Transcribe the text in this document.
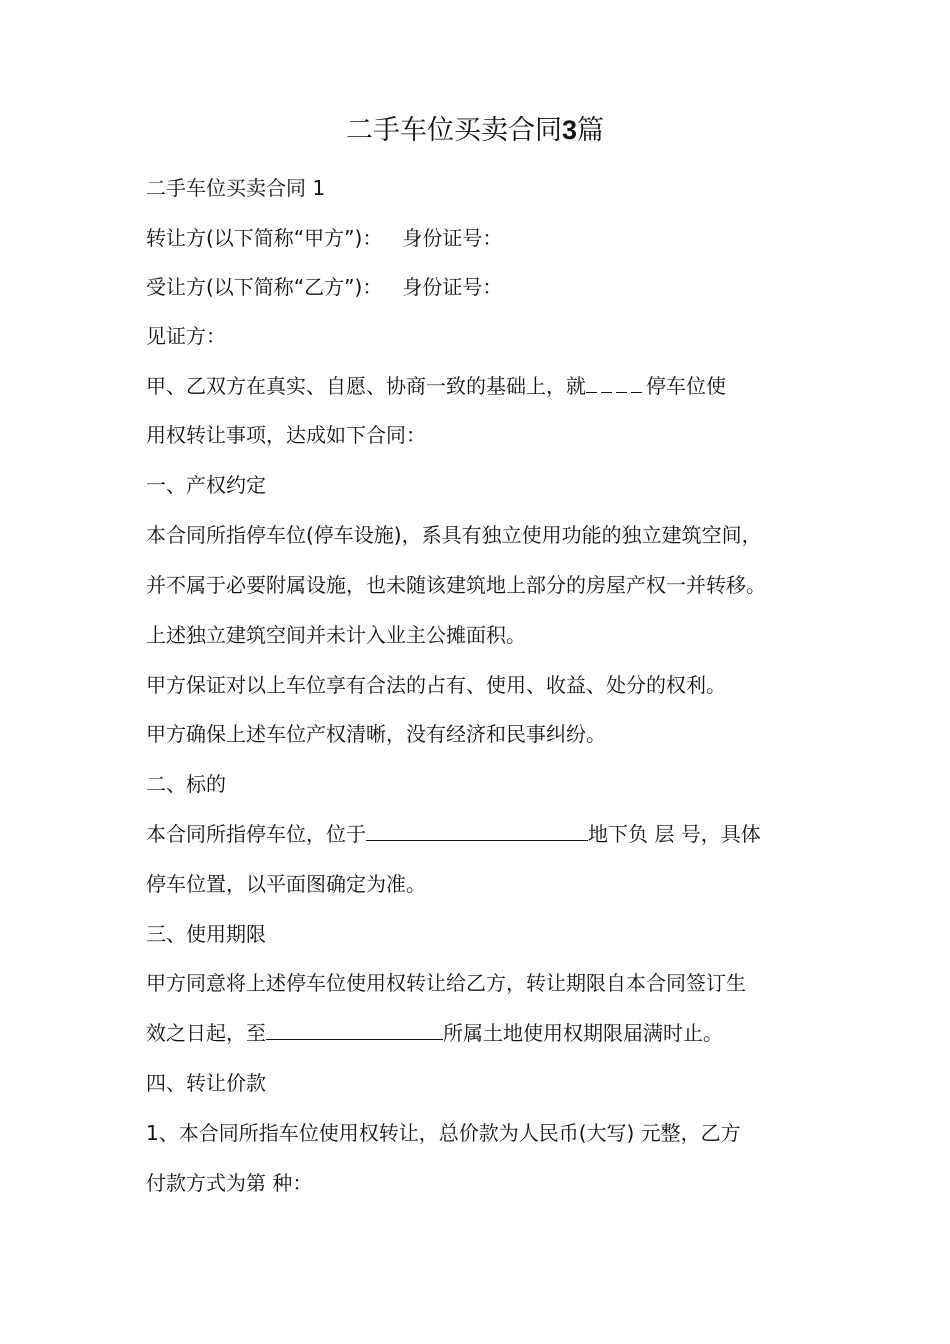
二手车位买卖合同3篇
二手车位买卖合同 1
转让方(以下简称“甲方”)： 身份证号：
受让方(以下简称“乙方”)： 身份证号：
见证方：
甲、乙双方在真实、自愿、协商一致的基础上，就	停车位使
用权转让事项，达成如下合同：
一、产权约定
本合同所指停车位(停车设施)，系具有独立使用功能的独立建筑空间，
并不属于必要附属设施，也未随该建筑地上部分的房屋产权一并转移。
上述独立建筑空间并未计入业主公摊面积。
甲方保证对以上车位享有合法的占有、使用、收益、处分的权利。
甲方确保上述车位产权清晰，没有经济和民事纠纷。
二、标的
本合同所指停车位，位于	地下负 层 号，具体
停车位置，以平面图确定为准。
三、使用期限
甲方同意将上述停车位使用权转让给乙方，转让期限自本合同签订生
效之日起，至	所属土地使用权期限届满时止。
四、转让价款
1、本合同所指车位使用权转让，总价款为人民币(大写) 元整，乙方
付款方式为第 种：
